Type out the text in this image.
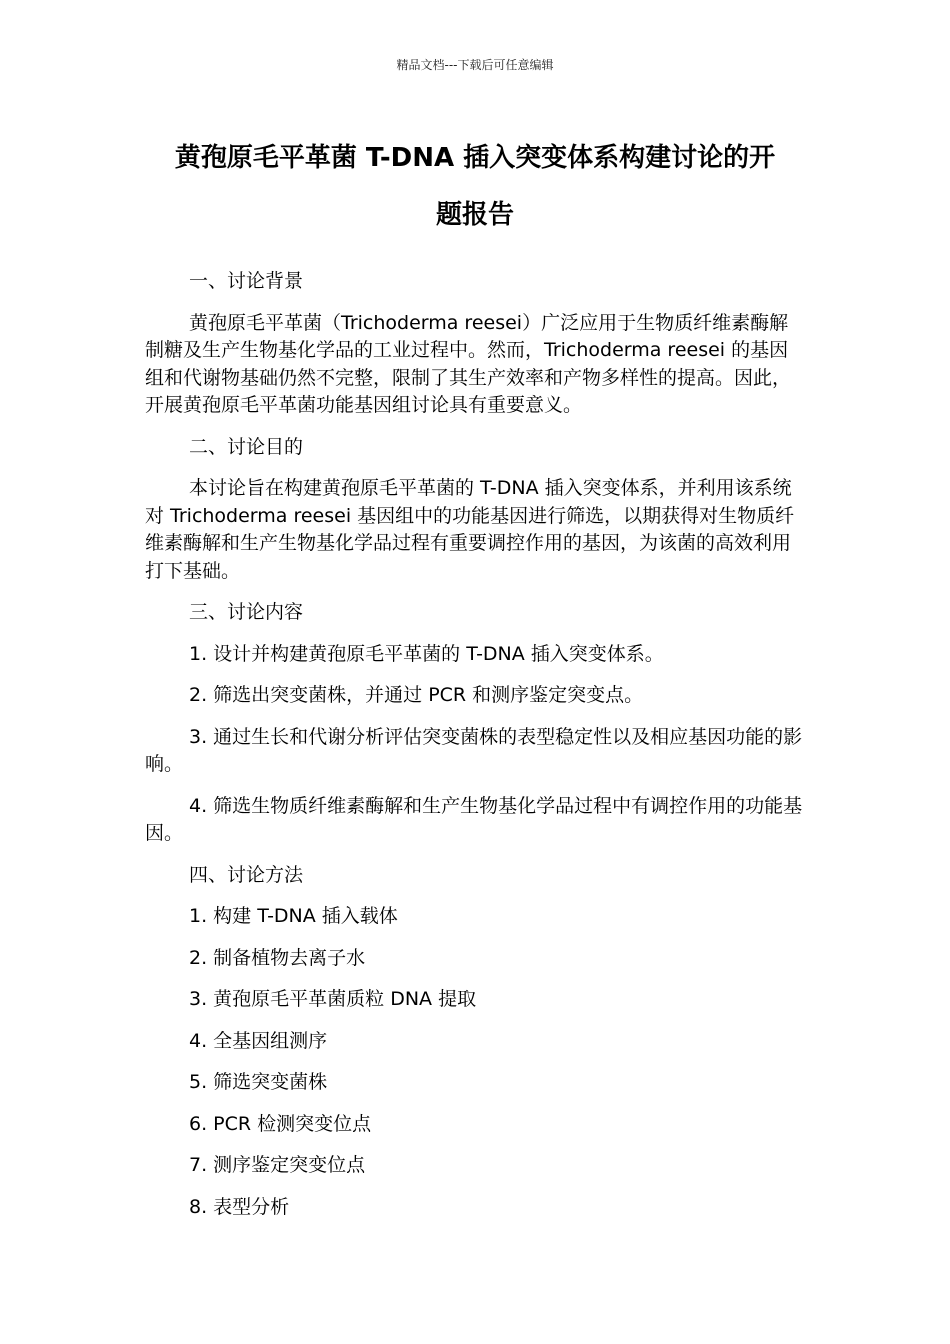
精品文档---下载后可任意编辑
黄孢原毛平革菌 T-DNA 插入突变体系构建讨论的开
题报告

一、讨论背景

黄孢原毛平革菌（Trichoderma reesei）广泛应用于生物质纤维素酶解制糖及生产生物基化学品的工业过程中。然而，Trichoderma reesei 的基因组和代谢物基础仍然不完整，限制了其生产效率和产物多样性的提高。因此，开展黄孢原毛平革菌功能基因组讨论具有重要意义。

二、讨论目的

本讨论旨在构建黄孢原毛平革菌的 T-DNA 插入突变体系，并利用该系统对 Trichoderma reesei 基因组中的功能基因进行筛选，以期获得对生物质纤维素酶解和生产生物基化学品过程有重要调控作用的基因，为该菌的高效利用打下基础。

三、讨论内容

1. 设计并构建黄孢原毛平革菌的 T-DNA 插入突变体系。

2. 筛选出突变菌株，并通过 PCR 和测序鉴定突变点。

3. 通过生长和代谢分析评估突变菌株的表型稳定性以及相应基因功能的影响。

4. 筛选生物质纤维素酶解和生产生物基化学品过程中有调控作用的功能基因。

四、讨论方法

1. 构建 T-DNA 插入载体

2. 制备植物去离子水

3. 黄孢原毛平革菌质粒 DNA 提取

4. 全基因组测序

5. 筛选突变菌株

6. PCR 检测突变位点

7. 测序鉴定突变位点

8. 表型分析
